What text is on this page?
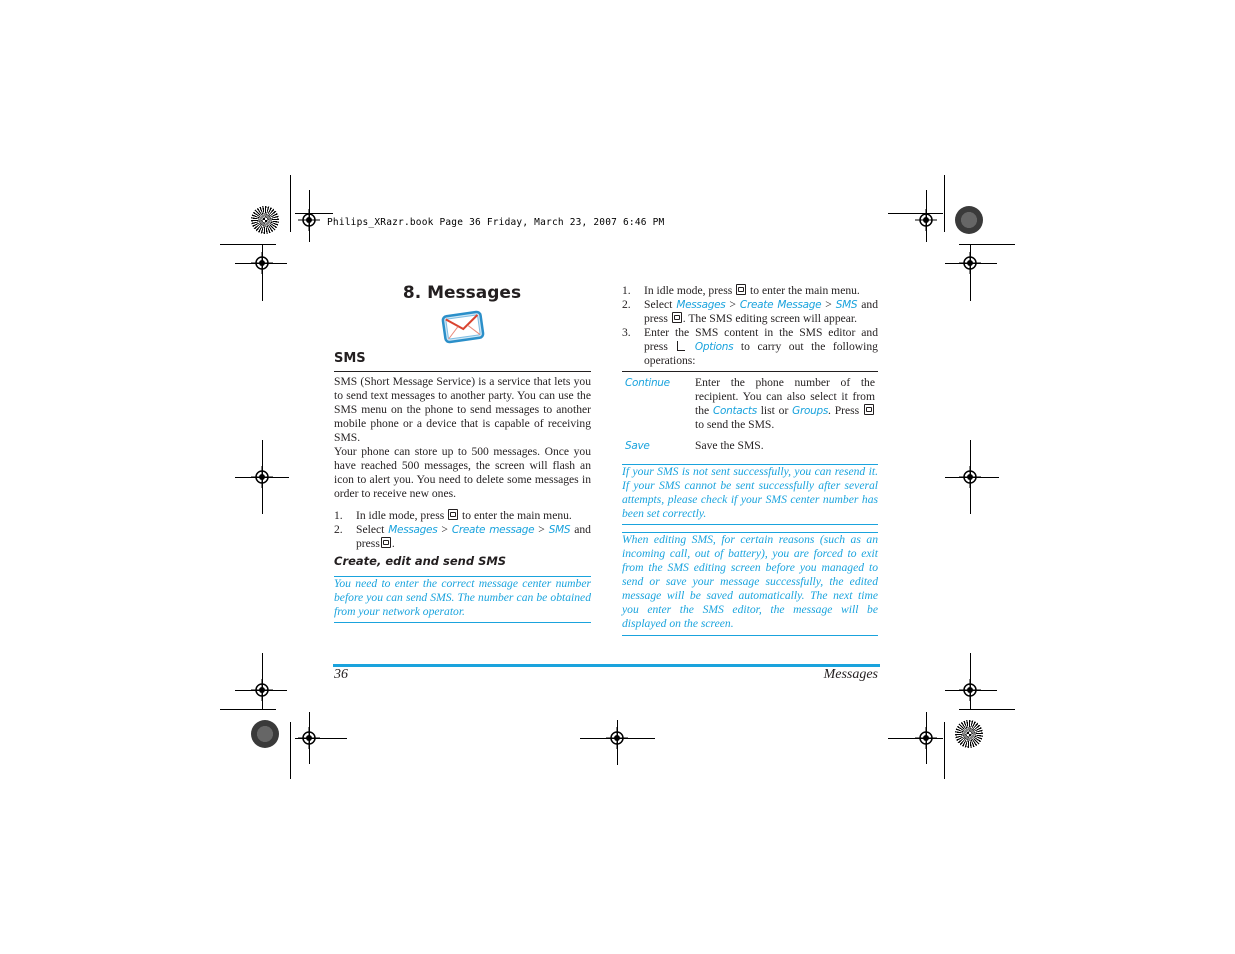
Philips_XRazr.book Page 36 Friday, March 23, 2007 6:46 PM
8. Messages
SMS

SMS (Short Message Service) is a service that lets you to send text messages to another party. You can use the SMS menu on the phone to send messages to another mobile phone or a device that is capable of receiving SMS.

Your phone can store up to 500 messages. Once you have reached 500 messages, the screen will flash an icon to alert you. You need to delete some messages in order to receive new ones.

1. In idle mode, press to enter the main menu.
2. Select Messages > Create message > SMS and press .
Create, edit and send SMS
You need to enter the correct message center number before you can send SMS. The number can be obtained from your network operator.
1. In idle mode, press to enter the main menu.
2. Select Messages > Create Message > SMS and press . The SMS editing screen will appear.
3. Enter the SMS content in the SMS editor and press	Options to carry out the following operations:
Continue Enter the phone number of the recipient. You can also select it from the Contacts list or Groups. Press  to send the SMS.
Save	Save the SMS.
If your SMS is not sent successfully, you can resend it. If your SMS cannot be sent successfully after several attempts, please check if your SMS center number has been set correctly.
When editing SMS, for certain reasons (such as an incoming call, out of battery), you are forced to exit from the SMS editing screen before you managed to send or save your message successfully, the edited message will be saved automatically. The next time you enter the SMS editor, the message will be displayed on the screen.
36	Messages
